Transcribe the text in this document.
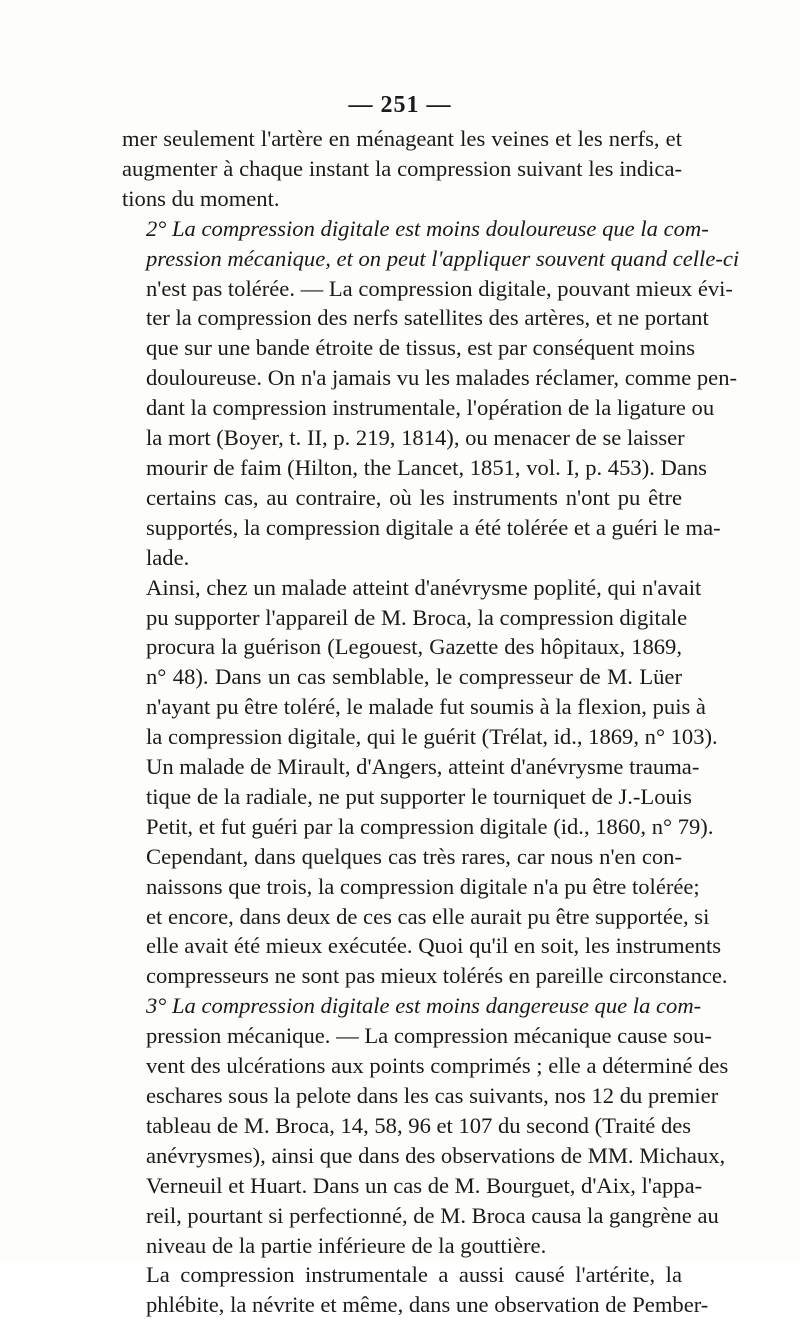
— 251 —

mer seulement l'artère en ménageant les veines et les nerfs, et
augmenter à chaque instant la compression suivant les indica-
tions du moment.

2° La compression digitale est moins douloureuse que la com-
pression mécanique, et on peut l'appliquer souvent quand celle-ci
n'est pas tolérée. — La compression digitale, pouvant mieux évi-
ter la compression des nerfs satellites des artères, et ne portant
que sur une bande étroite de tissus, est par conséquent moins
douloureuse. On n'a jamais vu les malades réclamer, comme pen-
dant la compression instrumentale, l'opération de la ligature ou
la mort (Boyer, t. II, p. 219, 1814), ou menacer de se laisser
mourir de faim (Hilton, the Lancet, 1851, vol. I, p. 453). Dans
certains cas, au contraire, où les instruments n'ont pu être
supportés, la compression digitale a été tolérée et a guéri le ma-
lade.

Ainsi, chez un malade atteint d'anévrysme poplité, qui n'avait
pu supporter l'appareil de M. Broca, la compression digitale
procura la guérison (Legouest, Gazette des hôpitaux, 1869,
n° 48). Dans un cas semblable, le compresseur de M. Lüer
n'ayant pu être toléré, le malade fut soumis à la flexion, puis à
la compression digitale, qui le guérit (Trélat, id., 1869, n° 103).
Un malade de Mirault, d'Angers, atteint d'anévrysme trauma-
tique de la radiale, ne put supporter le tourniquet de J.-Louis
Petit, et fut guéri par la compression digitale (id., 1860, n° 79).

Cependant, dans quelques cas très rares, car nous n'en con-
naissons que trois, la compression digitale n'a pu être tolérée;
et encore, dans deux de ces cas elle aurait pu être supportée, si
elle avait été mieux exécutée. Quoi qu'il en soit, les instruments
compresseurs ne sont pas mieux tolérés en pareille circonstance.

3° La compression digitale est moins dangereuse que la com-
pression mécanique. — La compression mécanique cause sou-
vent des ulcérations aux points comprimés ; elle a déterminé des
eschares sous la pelote dans les cas suivants, nos 12 du premier
tableau de M. Broca, 14, 58, 96 et 107 du second (Traité des
anévrysmes), ainsi que dans des observations de MM. Michaux,
Verneuil et Huart. Dans un cas de M. Bourguet, d'Aix, l'appa-
reil, pourtant si perfectionné, de M. Broca causa la gangrène au
niveau de la partie inférieure de la gouttière.

La compression instrumentale a aussi causé l'artérite, la
phlébite, la névrite et même, dans une observation de Pember-
